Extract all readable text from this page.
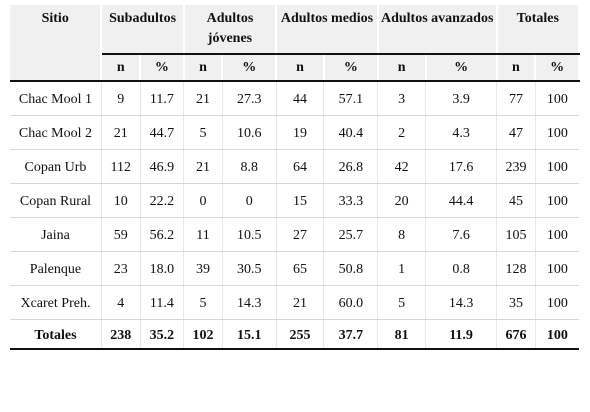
Sitio	Subadultos		Adultos jóvenes		Adultos medios		Adultos avanzados		Totales	
	n	%	n	%	n	%	n	%	n	%
Chac Mool 1	9	11.7	21	27.3	44	57.1	3	3.9	77	100
Chac Mool 2	21	44.7	5	10.6	19	40.4	2	4.3	47	100
Copan Urb	112	46.9	21	8.8	64	26.8	42	17.6	239	100
Copan Rural	10	22.2	0	0	15	33.3	20	44.4	45	100
Jaina	59	56.2	11	10.5	27	25.7	8	7.6	105	100
Palenque	23	18.0	39	30.5	65	50.8	1	0.8	128	100
Xcaret Preh.	4	11.4	5	14.3	21	60.0	5	14.3	35	100
Totales	238	35.2	102	15.1	255	37.7	81	11.9	676	100
